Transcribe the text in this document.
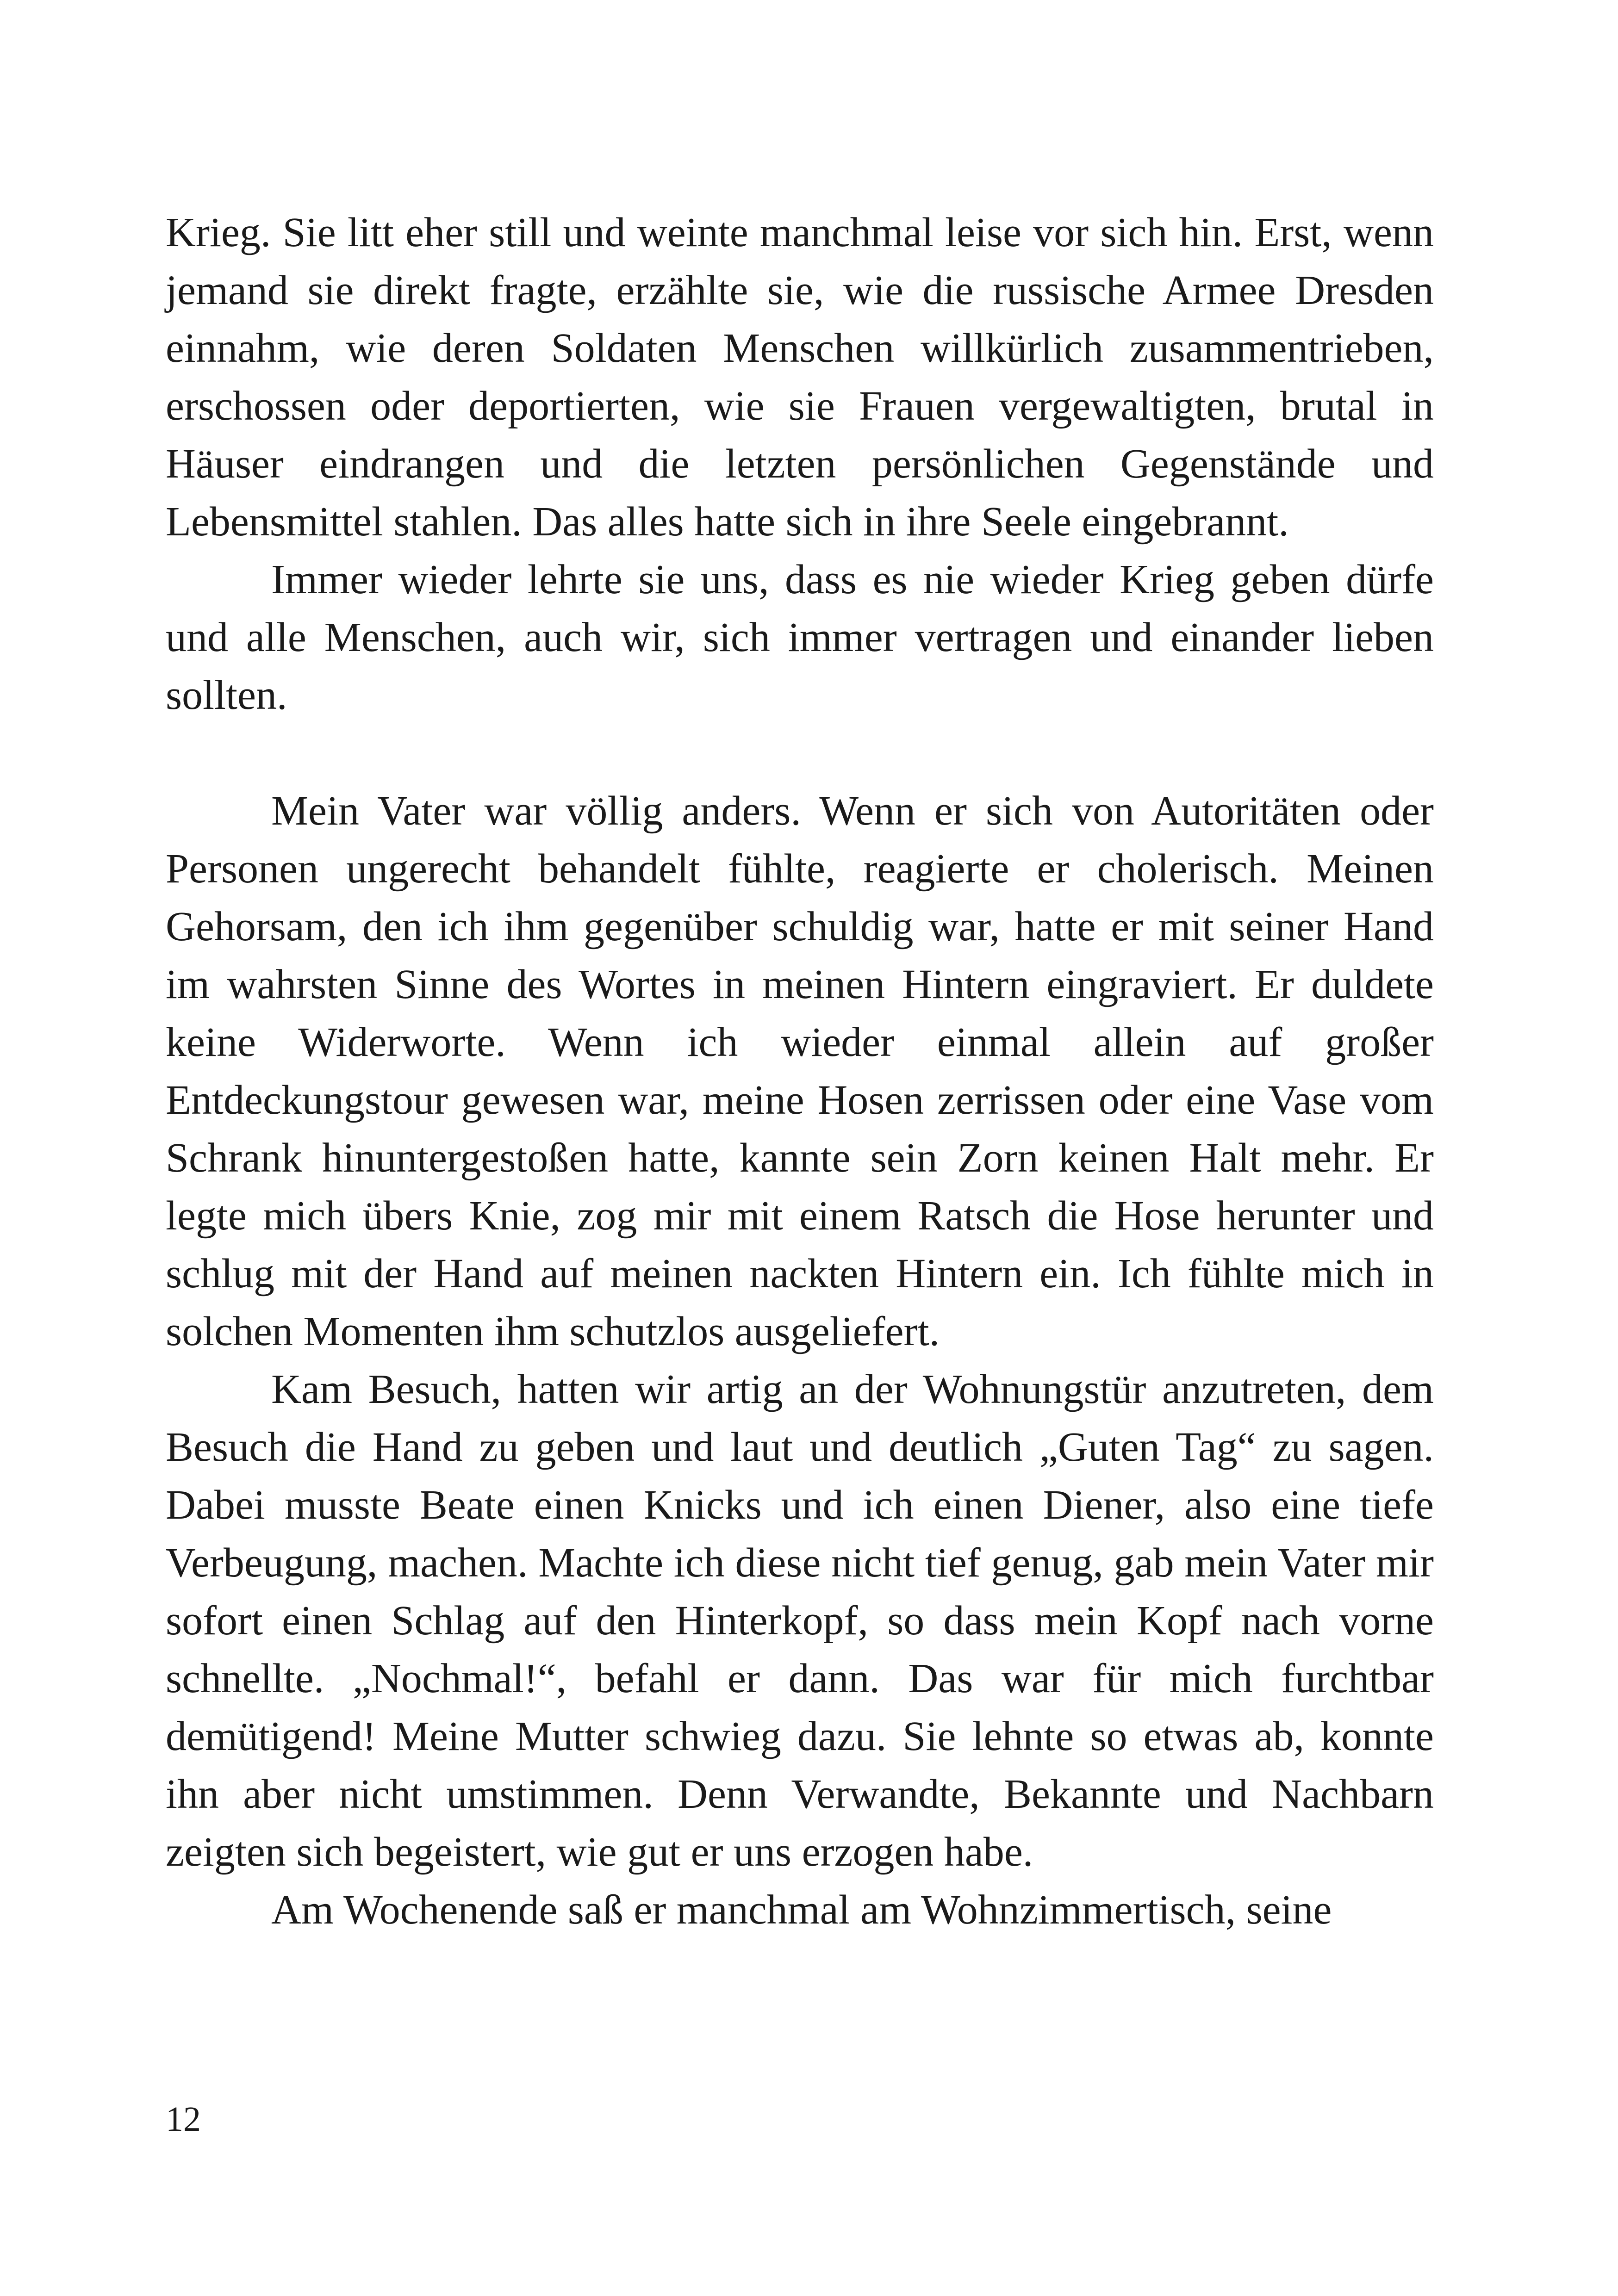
Krieg. Sie litt eher still und weinte manchmal leise vor sich hin. Erst, wenn jemand sie direkt fragte, erzählte sie, wie die russische Armee Dresden einnahm, wie deren Soldaten Menschen willkürlich zusammentrieben, erschossen oder deportierten, wie sie Frauen vergewaltigten, brutal in Häuser eindrangen und die letzten persönlichen Gegenstände und Lebensmittel stahlen. Das alles hatte sich in ihre Seele eingebrannt.

Immer wieder lehrte sie uns, dass es nie wieder Krieg geben dürfe und alle Menschen, auch wir, sich immer vertragen und einander lieben sollten.

Mein Vater war völlig anders. Wenn er sich von Autoritäten oder Personen ungerecht behandelt fühlte, reagierte er cholerisch. Meinen Gehorsam, den ich ihm gegenüber schuldig war, hatte er mit seiner Hand im wahrsten Sinne des Wortes in meinen Hintern eingraviert. Er duldete keine Widerworte. Wenn ich wieder einmal allein auf großer Entdeckungstour gewesen war, meine Hosen zerrissen oder eine Vase vom Schrank hinuntergestoßen hatte, kannte sein Zorn keinen Halt mehr. Er legte mich übers Knie, zog mir mit einem Ratsch die Hose herunter und schlug mit der Hand auf meinen nackten Hintern ein. Ich fühlte mich in solchen Momenten ihm schutzlos ausgeliefert.

Kam Besuch, hatten wir artig an der Wohnungstür anzutreten, dem Besuch die Hand zu geben und laut und deutlich „Guten Tag“ zu sagen. Dabei musste Beate einen Knicks und ich einen Diener, also eine tiefe Verbeugung, machen. Machte ich diese nicht tief genug, gab mein Vater mir sofort einen Schlag auf den Hinterkopf, so dass mein Kopf nach vorne schnellte. „Nochmal!“, befahl er dann. Das war für mich furchtbar demütigend! Meine Mutter schwieg dazu. Sie lehnte so etwas ab, konnte ihn aber nicht umstimmen. Denn Verwandte, Bekannte und Nachbarn zeigten sich begeistert, wie gut er uns erzogen habe.

Am Wochenende saß er manchmal am Wohnzimmertisch, seine

12
